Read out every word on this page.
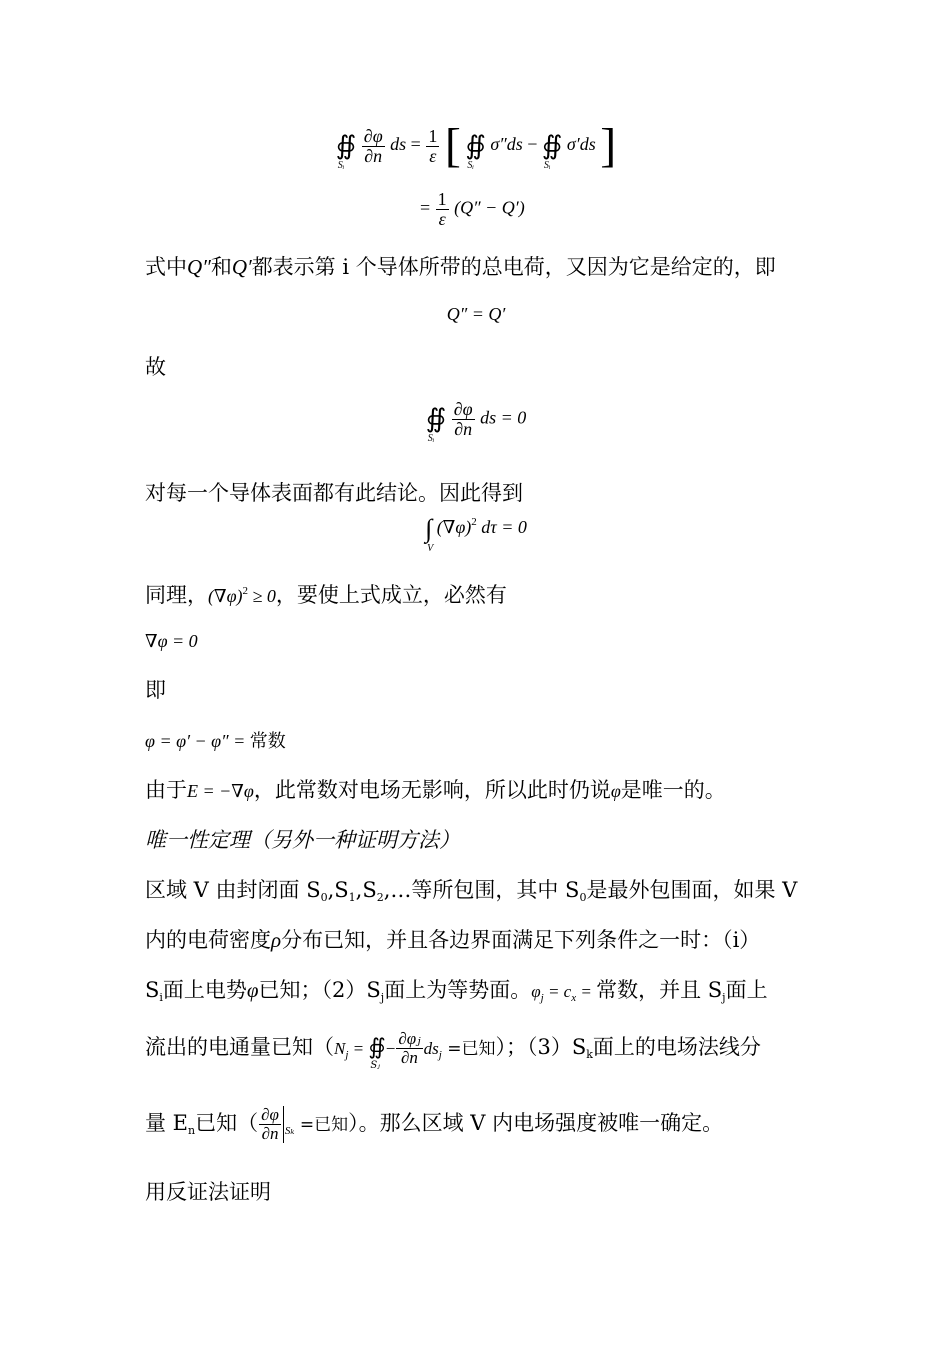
∯
Sᵢ

$\frac{\partial\varphi}{\partial n}$ ds = $\frac{1}{\varepsilon}$ [ ∯
Sᵢ
σ″ds − ∯
Sᵢ
σ′ds ]
= $\frac{1}{\varepsilon} (Q'' - Q')$
式中Q″和Q′都表示第 i 个导体所带的总电荷，又因为它是给定的，即
Q″ = Q′
故
∯
Sᵢ

$\frac{\partial\varphi}{\partial n}$ ds = 0
对每一个导体表面都有此结论。因此得到
∫
V
$(\nabla\varphi)^2$ dτ = 0
同理，$(\nabla\varphi)^2 \ge 0$，要使上式成立，必然有
∇φ = 0
即
φ = φ′ − φ″ = 常数
由于E = −∇φ，此常数对电场无影响，所以此时仍说φ是唯一的。
唯一性定理（另外一种证明方法）
区域 V 由封闭面 $S_0,S_1,S_2,\dots$等所包围，其中 $S_0$是最外包围面，如果 V
内的电荷密度ρ分布已知，并且各边界面满足下列条件之一时：（i）
$S_i$面上电势φ已知；$(2)S_j$面上为等势面。$\varphi_j = c_x$ = 常数，并且 $S_j$面上
流出的电通量已知（$N_j$ = ∯
Sⱼ
− $\frac{\text{∂φⱼ}}{\partial n} ds_j$ =已知）；$(3)S_k$面上的电场法线分
量 $E_n$已知（ $\frac{\partial\varphi}{\partial n} _{S_k}$ =已知）。那么区域 V 内电场强度被唯一确定。
用反证法证明
